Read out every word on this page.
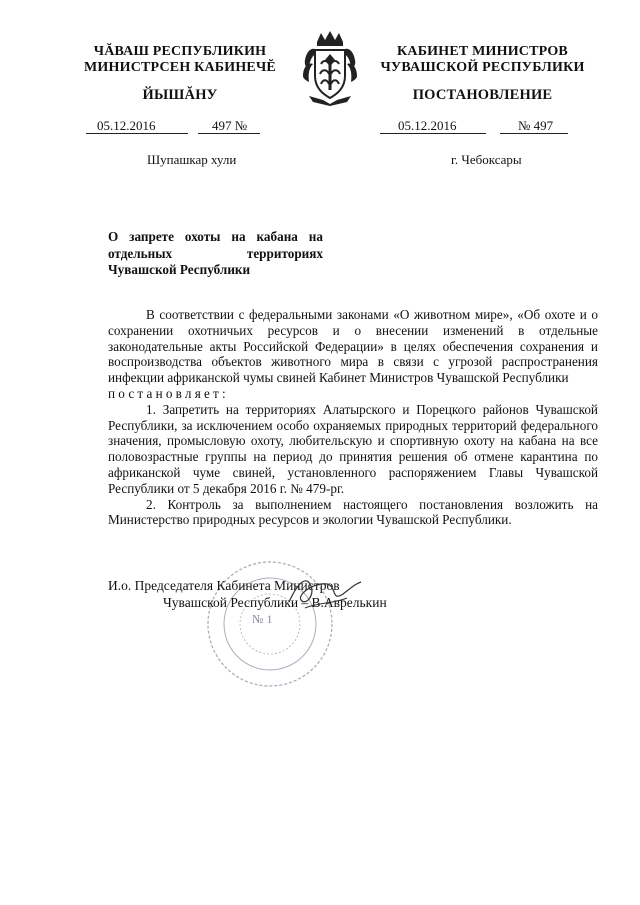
ЧĂВАШ РЕСПУБЛИКИН
МИНИСТРСЕН КАБИНЕЧĔ
ЙЫШĂНУ
КАБИНЕТ МИНИСТРОВ
ЧУВАШСКОЙ РЕСПУБЛИКИ
ПОСТАНОВЛЕНИЕ
05.12.2016	497 №	05.12.2016	№ 497
Шупашкар хули	г. Чебоксары
О запрете охоты на кабана на отдельных территориях Чувашской Республики

В соответствии с федеральными законами «О животном мире», «Об охоте и о сохранении охотничьих ресурсов и о внесении изменений в отдельные законодательные акты Российской Федерации» в целях обеспечения сохранения и воспроизводства объектов животного мира в связи с угрозой распространения инфекции африканской чумы свиней Кабинет Министров Чувашской Республики

постановляет:

1. Запретить на территориях Алатырского и Порецкого районов Чувашской Республики, за исключением особо охраняемых природных территорий федерального значения, промысловую охоту, любительскую и спортивную охоту на кабана на все половозрастные группы на период до принятия решения об отмене карантина по африканской чуме свиней, установленного распоряжением Главы Чувашской Республики от 5 декабря 2016 г. № 479-рг.

2. Контроль за выполнением настоящего постановления возложить на Министерство природных ресурсов и экологии Чувашской Республики.

№ 1
И.о. Председателя Кабинета Министров
Чувашской Республики – В.Аврелькин
